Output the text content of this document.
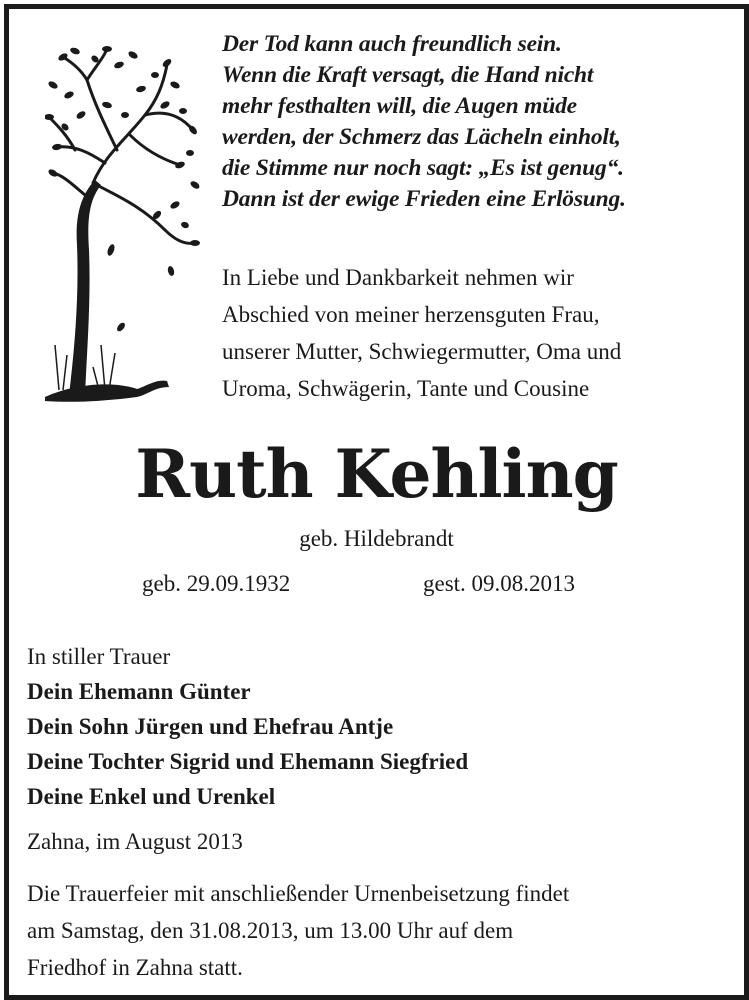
Der Tod kann auch freundlich sein.
Wenn die Kraft versagt, die Hand nicht
mehr festhalten will, die Augen müde
werden, der Schmerz das Lächeln einholt,
die Stimme nur noch sagt: „Es ist genug“.
Dann ist der ewige Frieden eine Erlösung.
In Liebe und Dankbarkeit nehmen wir
Abschied von meiner herzensguten Frau,
unserer Mutter, Schwiegermutter, Oma und
Uroma, Schwägerin, Tante und Cousine
Ruth Kehling
geb. Hildebrandt
geb. 29.09.1932	gest. 09.08.2013
In stiller Trauer
Dein Ehemann Günter
Dein Sohn Jürgen und Ehefrau Antje
Deine Tochter Sigrid und Ehemann Siegfried
Deine Enkel und Urenkel
Zahna, im August 2013
Die Trauerfeier mit anschließender Urnenbeisetzung findet
am Samstag, den 31.08.2013, um 13.00 Uhr auf dem
Friedhof in Zahna statt.
